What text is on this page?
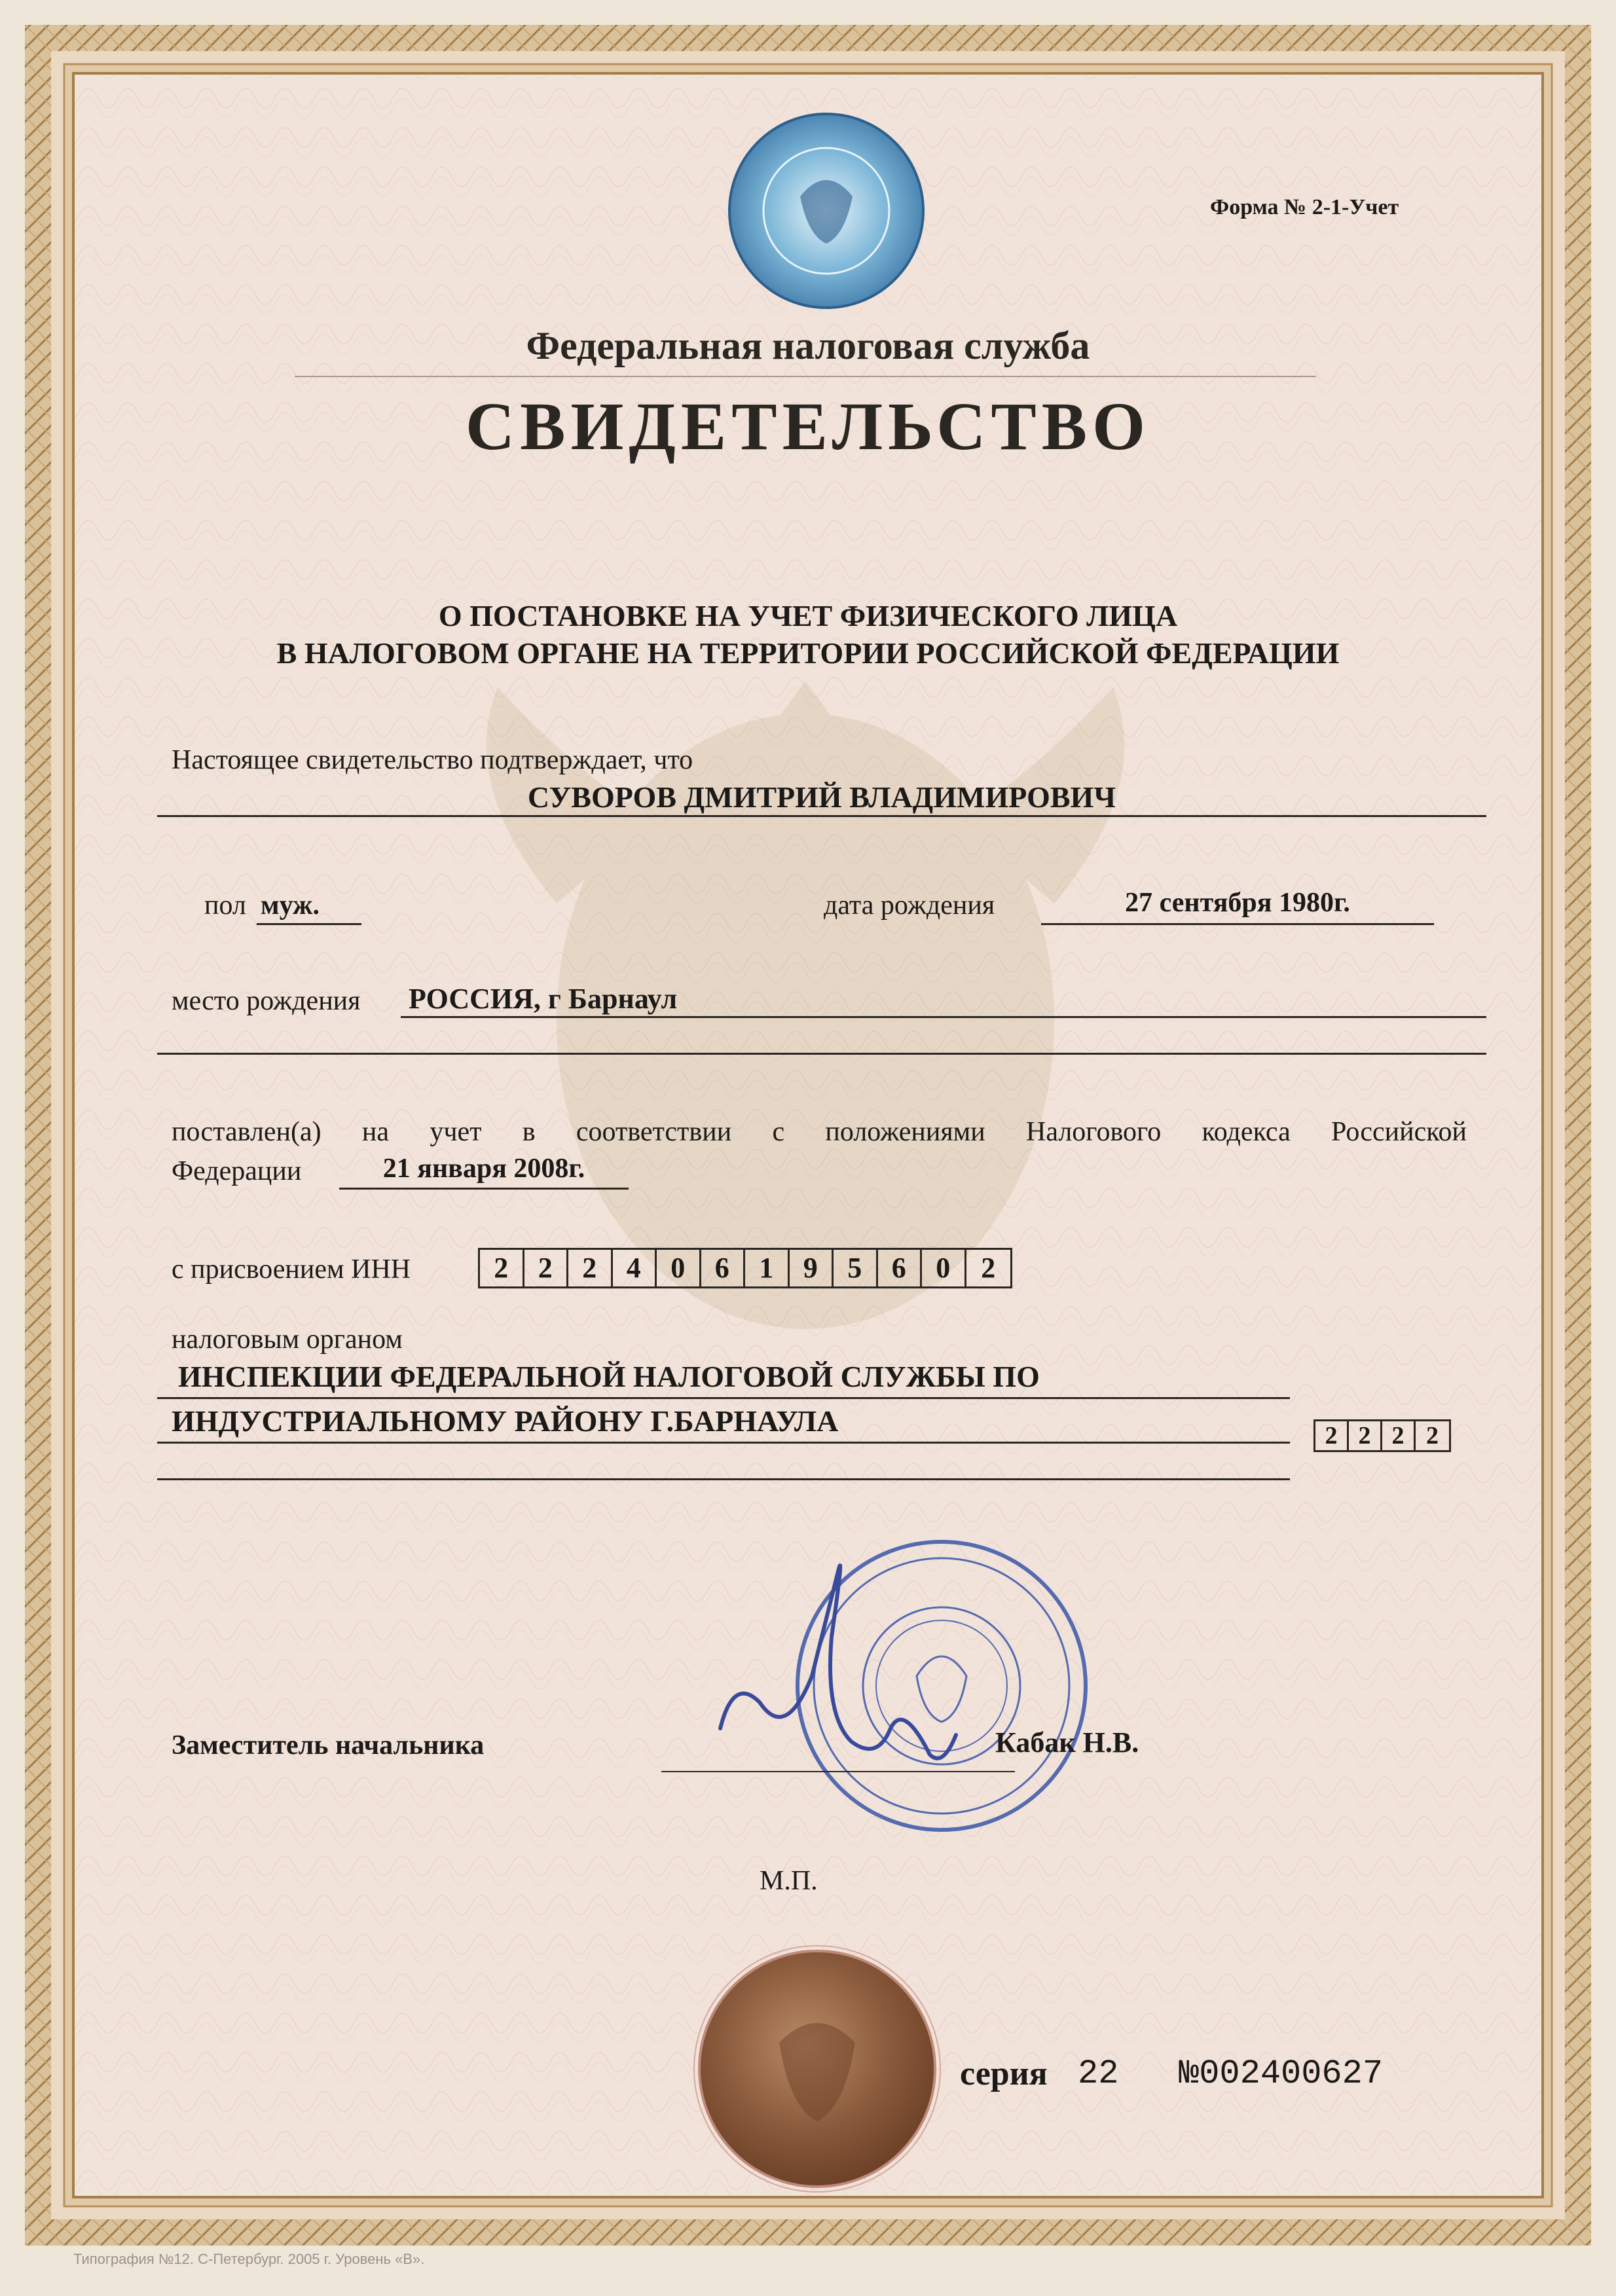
Форма № 2-1-Учет
Федеральная налоговая служба
СВИДЕТЕЛЬСТВО
О ПОСТАНОВКЕ НА УЧЕТ ФИЗИЧЕСКОГО ЛИЦА
В НАЛОГОВОМ ОРГАНЕ НА ТЕРРИТОРИИ РОССИЙСКОЙ ФЕДЕРАЦИИ
Настоящее свидетельство подтверждает, что
СУВОРОВ ДМИТРИЙ ВЛАДИМИРОВИЧ
пол муж.	дата рождения	27 сентября 1980г.
место рождения РОССИЯ, г Барнаул
поставлен(а) на учет в соответствии с положениями Налогового кодекса Российской
Федерации	21 января 2008г.
с присвоением ИНН	2 2 2 4 0 6 1 9 5 6 0 2
налоговым органом
ИНСПЕКЦИИ ФЕДЕРАЛЬНОЙ НАЛОГОВОЙ СЛУЖБЫ ПО
ИНДУСТРИАЛЬНОМУ РАЙОНУ Г.БАРНАУЛА	2 2 2 2
Заместитель начальника	Кабак Н.В.
М.П.
серия 22 №002400627
Типография №12. С-Петербург. 2005 г. Уровень «В».
